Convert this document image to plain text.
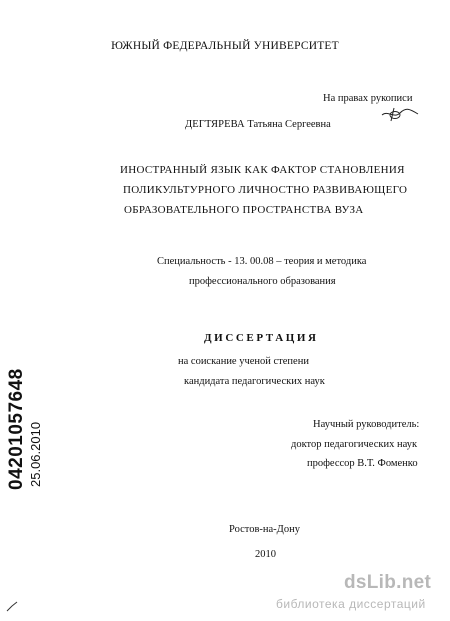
ЮЖНЫЙ ФЕДЕРАЛЬНЫЙ УНИВЕРСИТЕТ
На правах рукописи
ДЕГТЯРЕВА Татьяна Сергеевна
ИНОСТРАННЫЙ ЯЗЫК КАК ФАКТОР СТАНОВЛЕНИЯ
ПОЛИКУЛЬТУРНОГО ЛИЧНОСТНО РАЗВИВАЮЩЕГО
ОБРАЗОВАТЕЛЬНОГО ПРОСТРАНСТВА ВУЗА
Специальность - 13. 00.08 – теория и методика
профессионального образования
ДИССЕРТАЦИЯ
на соискание ученой степени
кандидата педагогических наук
Научный руководитель:
доктор педагогических наук
профессор В.Т. Фоменко
Ростов-на-Дону
2010
04201057648 25.06.2010
dsLib.net
библиотека диссертаций
